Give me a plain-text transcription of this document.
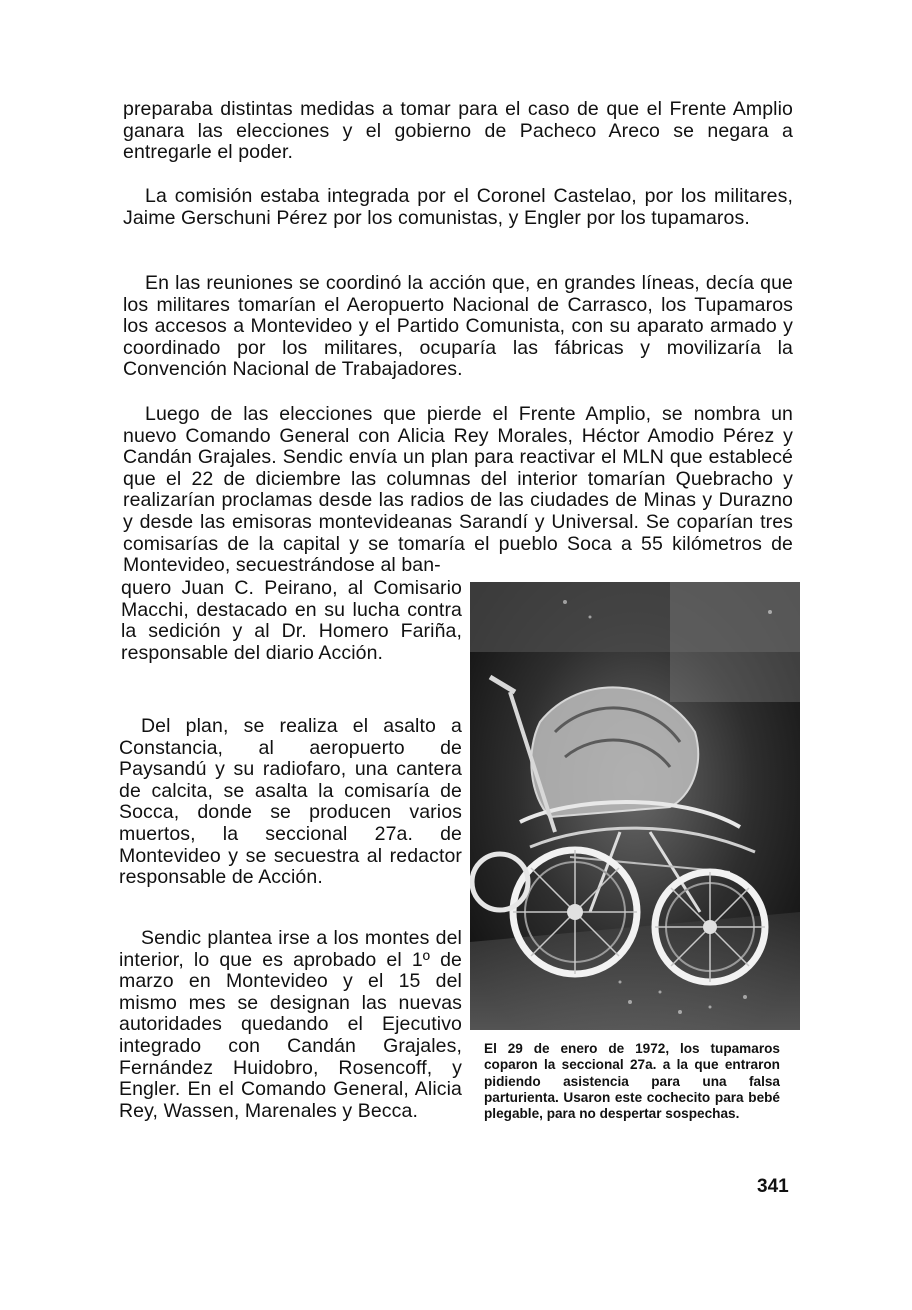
preparaba distintas medidas a tomar para el caso de que el Frente Amplio ganara las elecciones y el gobierno de Pacheco Areco se negara a entregarle el poder.

La comisión estaba integrada por el Coronel Castelao, por los militares, Jaime Gerschuni Pérez por los comunistas, y Engler por los tupamaros.

En las reuniones se coordinó la acción que, en grandes líneas, decía que los militares tomarían el Aeropuerto Nacional de Carrasco, los Tupamaros los accesos a Montevideo y el Partido Comunista, con su aparato armado y coordinado por los militares, ocuparía las fábricas y movilizaría la Convención Nacional de Trabajadores.

Luego de las elecciones que pierde el Frente Amplio, se nombra un nuevo Comando General con Alicia Rey Morales, Héctor Amodio Pérez y Candán Grajales. Sendic envía un plan para reactivar el MLN que establecé que el 22 de diciembre las columnas del interior tomarían Quebracho y realizarían proclamas desde las radios de las ciudades de Minas y Durazno y desde las emisoras montevideanas Sarandí y Universal. Se coparían tres comisarías de la capital y se tomaría el pueblo Soca a 55 kilómetros de Montevideo, secuestrándose al ban-

quero Juan C. Peirano, al Comisario Macchi, destacado en su lucha contra la sedición y al Dr. Homero Fariña, responsable del diario Acción.

Del plan, se realiza el asalto a Constancia, al aeropuerto de Paysandú y su radiofaro, una cantera de calcita, se asalta la comisaría de Socca, donde se producen varios muertos, la seccional 27a. de Montevideo y se secuestra al redactor responsable de Acción.

Sendic plantea irse a los montes del interior, lo que es aprobado el 1º de marzo en Montevideo y el 15 del mismo mes se designan las nuevas autoridades quedando el Ejecutivo integrado con Candán Grajales, Fernández Huidobro, Rosencoff, y Engler. En el Comando General, Alicia Rey, Wassen, Marenales y Becca.

El 29 de enero de 1972, los tupamaros coparon la seccional 27a. a la que entraron pidiendo asistencia para una falsa parturienta. Usaron este cochecito para bebé plegable, para no despertar sospechas.

341
